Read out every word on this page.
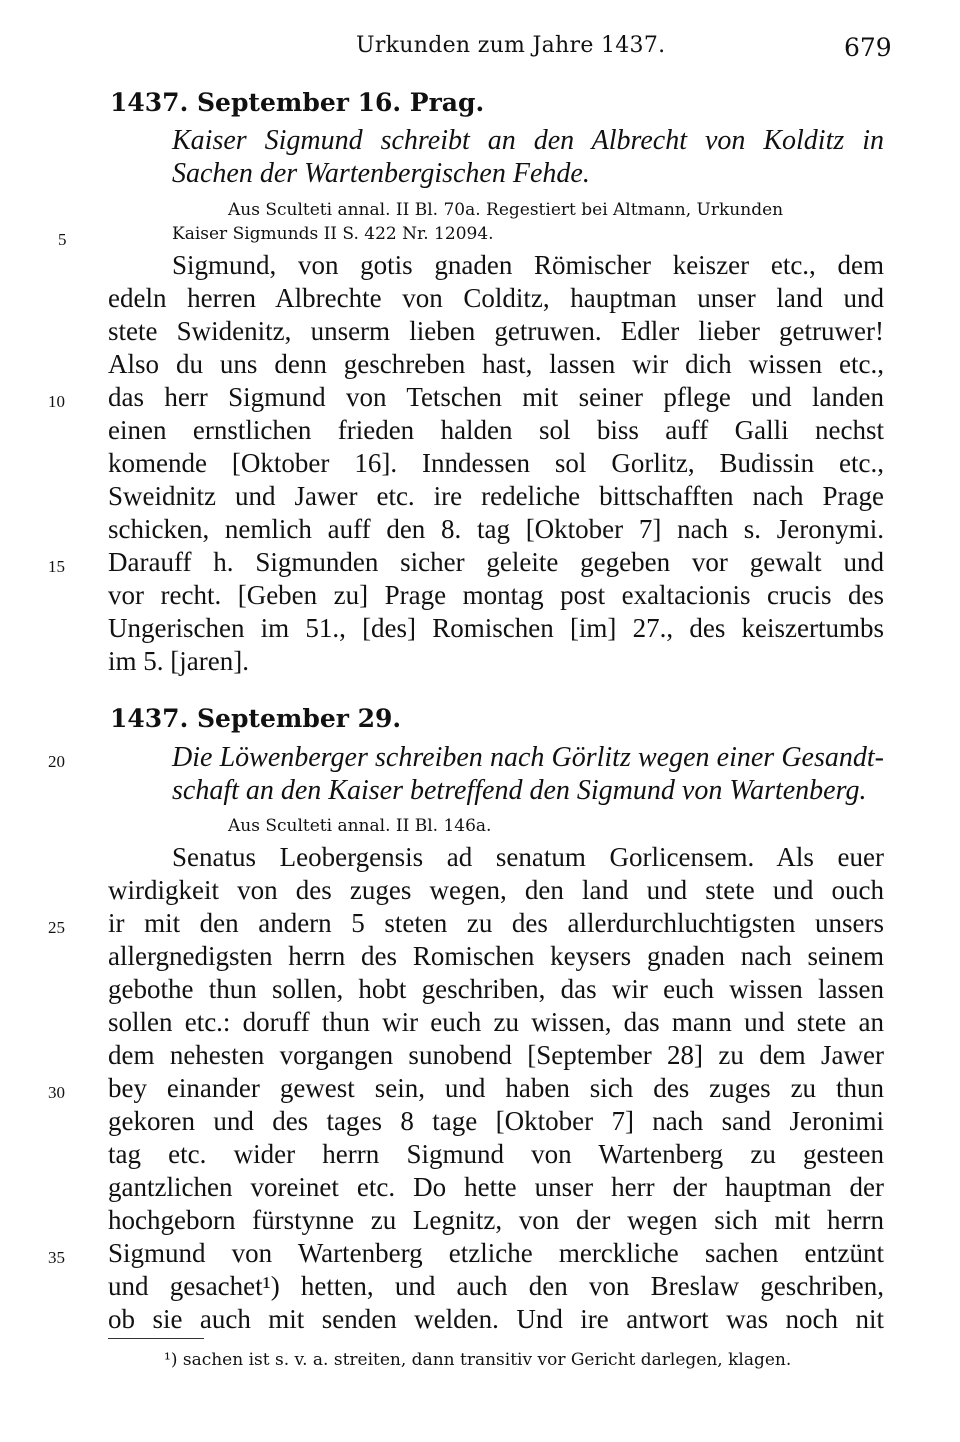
Urkunden zum Jahre 1437.	679
1437. September 16. Prag.
Kaiser Sigmund schreibt an den Albrecht von Kolditz in
Sachen der Wartenbergischen Fehde.
Aus Sculteti annal. II Bl. 70a. Regestiert bei Altmann, Urkunden
Kaiser Sigmunds II S. 422 Nr. 12094.
Sigmund, von gotis gnaden Römischer keiszer etc., dem
edeln herren Albrechte von Colditz, hauptman unser land und
stete Swidenitz, unserm lieben getruwen. Edler lieber getruwer!
Also du uns denn geschreben hast, lassen wir dich wissen etc.,
das herr Sigmund von Tetschen mit seiner pflege und landen
einen ernstlichen frieden halden sol biss auff Galli nechst
komende [Oktober 16]. Inndessen sol Gorlitz, Budissin etc.,
Sweidnitz und Jawer etc. ire redeliche bittschafften nach Prage
schicken, nemlich auff den 8. tag [Oktober 7] nach s. Jeronymi.
Darauff h. Sigmunden sicher geleite gegeben vor gewalt und
vor recht. [Geben zu] Prage montag post exaltacionis crucis des
Ungerischen im 51., [des] Romischen [im] 27., des keiszertumbs
im 5. [jaren].
1437. September 29.
Die Löwenberger schreiben nach Görlitz wegen einer Gesandt-
schaft an den Kaiser betreffend den Sigmund von Wartenberg.
Aus Sculteti annal. II Bl. 146a.
Senatus Leobergensis ad senatum Gorlicensem. Als euer
wirdigkeit von des zuges wegen, den land und stete und ouch
ir mit den andern 5 steten zu des allerdurchluchtigsten unsers
allergnedigsten herrn des Romischen keysers gnaden nach seinem
gebothe thun sollen, hobt geschriben, das wir euch wissen lassen
sollen etc.: doruff thun wir euch zu wissen, das mann und stete an
dem nehesten vorgangen sunobend [September 28] zu dem Jawer
bey einander gewest sein, und haben sich des zuges zu thun
gekoren und des tages 8 tage [Oktober 7] nach sand Jeronimi
tag etc. wider herrn Sigmund von Wartenberg zu gesteen
gantzlichen voreinet etc. Do hette unser herr der hauptman der
hochgeborn fürstynne zu Legnitz, von der wegen sich mit herrn
Sigmund von Wartenberg etzliche merckliche sachen entzünt
und gesachet¹) hetten, und auch den von Breslaw geschriben,
ob sie auch mit senden welden. Und ire antwort was noch nit
5
10
15
20
25
30
35
¹) sachen ist s. v. a. streiten, dann transitiv vor Gericht darlegen, klagen.
